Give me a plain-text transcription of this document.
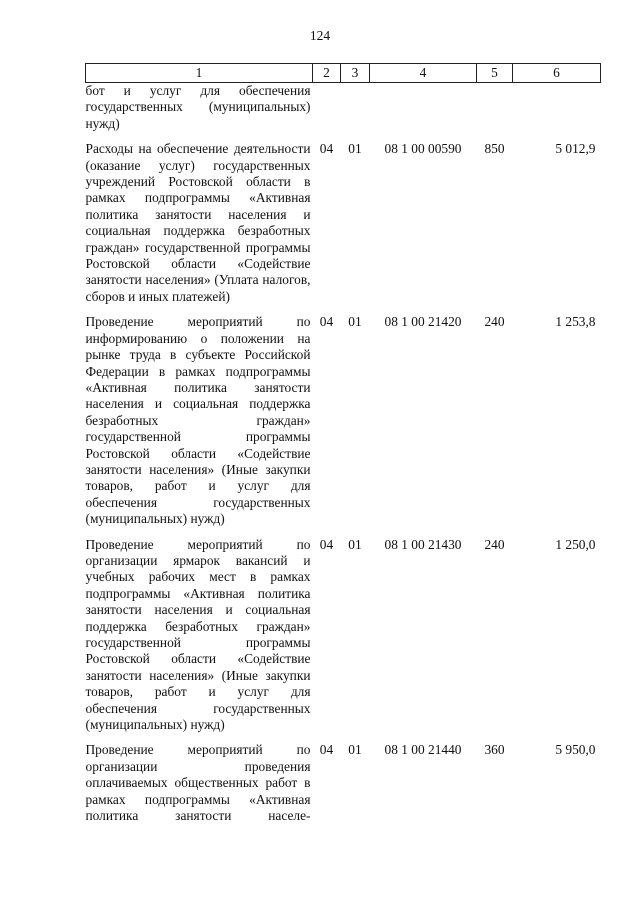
124
1	2	3	4	5	6

бот и услуг для обеспечения государственных (муниципальных) нужд)					

Расходы на обеспечение деятельности (оказание услуг) государственных учреждений Ростовской области в рамках подпрограммы «Активная политика занятости населения и социальная поддержка безработных граждан» государственной программы Ростовской области «Содействие занятости населения» (Уплата налогов, сборов и иных платежей)	04	01	08 1 00 00590	850	5 012,9

Проведение мероприятий по информированию о положении на рынке труда в субъекте Российской Федерации в рамках подпрограммы «Активная политика занятости населения и социальная поддержка безработных граждан» государственной программы Ростовской области «Содействие занятости населения» (Иные закупки товаров, работ и услуг для обеспечения государственных (муниципальных) нужд)	04	01	08 1 00 21420	240	1 253,8

Проведение мероприятий по организации ярмарок вакансий и учебных рабочих мест в рамках подпрограммы «Активная политика занятости населения и социальная поддержка безработных граждан» государственной программы Ростовской области «Содействие занятости населения» (Иные закупки товаров, работ и услуг для обеспечения государственных (муниципальных) нужд)	04	01	08 1 00 21430	240	1 250,0

Проведение мероприятий по организации проведения оплачиваемых общественных работ в рамках подпрограммы «Активная политика занятости населе-	04	01	08 1 00 21440	360	5 950,0
